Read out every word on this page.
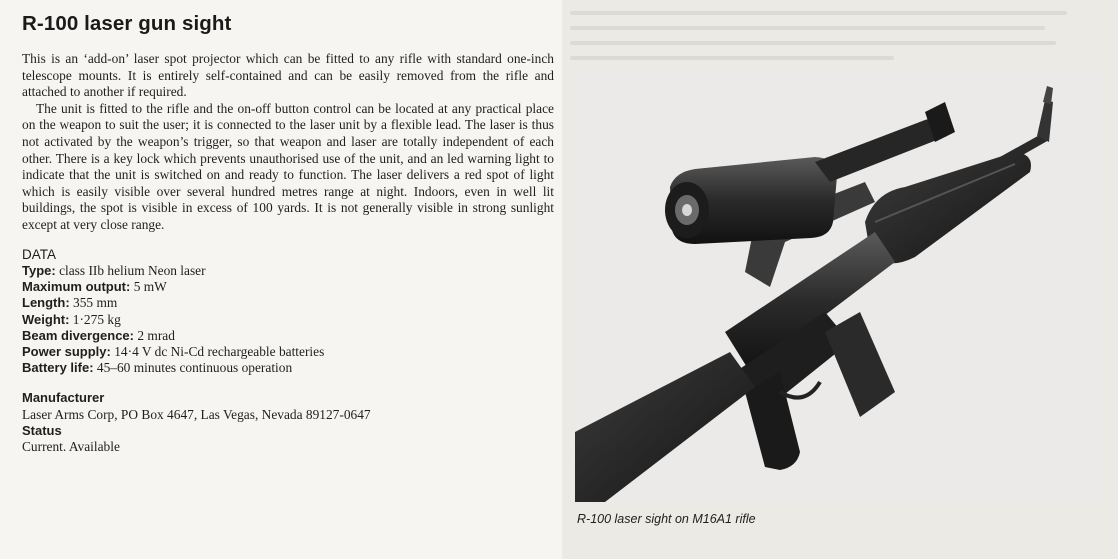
R-100 laser gun sight

This is an ‘add-on’ laser spot projector which can be fitted to any rifle with standard one-inch telescope mounts. It is entirely self-contained and can be easily removed from the rifle and attached to another if required.

The unit is fitted to the rifle and the on-off button control can be located at any practical place on the weapon to suit the user; it is connected to the laser unit by a flexible lead. The laser is thus not activated by the weapon’s trigger, so that weapon and laser are totally independent of each other. There is a key lock which prevents unauthorised use of the unit, and an led warning light to indicate that the unit is switched on and ready to function. The laser delivers a red spot of light which is easily visible over several hundred metres range at night. Indoors, even in well lit buildings, the spot is visible in excess of 100 yards. It is not generally visible in strong sunlight except at very close range.

DATA
Type: class IIb helium Neon laser
Maximum output: 5 mW
Length: 355 mm
Weight: 1·275 kg
Beam divergence: 2 mrad
Power supply: 14·4 V dc Ni-Cd rechargeable batteries
Battery life: 45–60 minutes continuous operation
Manufacturer
Laser Arms Corp, PO Box 4647, Las Vegas, Nevada 89127-0647
Status
Current. Available
R-100 laser sight on M16A1 rifle
